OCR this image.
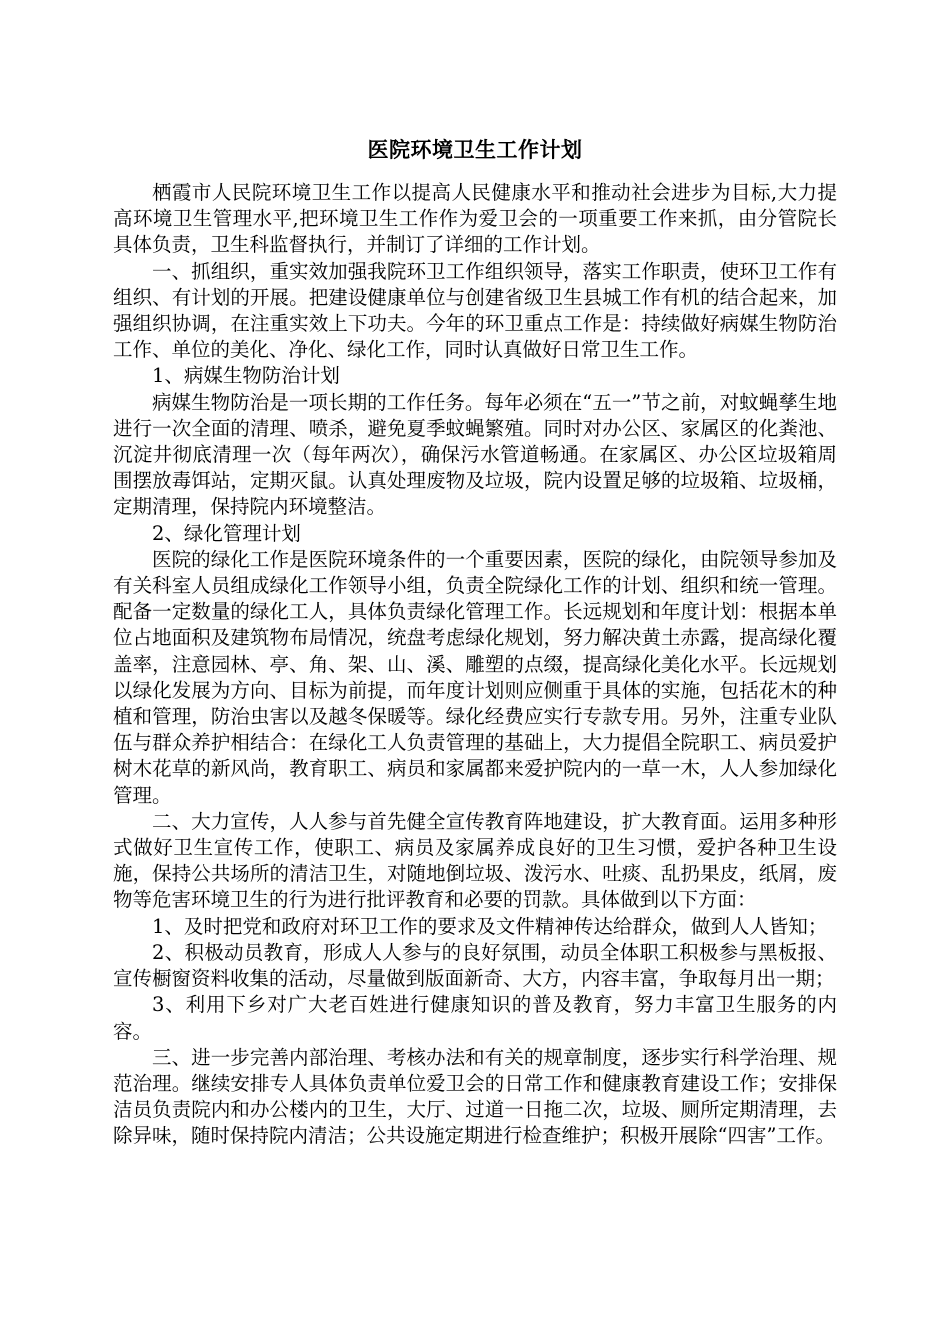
医院环境卫生工作计划

栖霞市人民院环境卫生工作以提高人民健康水平和推动社会进步为目标,大力提高环境卫生管理水平,把环境卫生工作作为爱卫会的一项重要工作来抓，由分管院长具体负责，卫生科监督执行，并制订了详细的工作计划。

一、抓组织，重实效加强我院环卫工作组织领导，落实工作职责，使环卫工作有组织、有计划的开展。把建设健康单位与创建省级卫生县城工作有机的结合起来，加强组织协调，在注重实效上下功夫。今年的环卫重点工作是：持续做好病媒生物防治工作、单位的美化、净化、绿化工作，同时认真做好日常卫生工作。

1、病媒生物防治计划

病媒生物防治是一项长期的工作任务。每年必须在“五一”节之前，对蚊蝇孳生地进行一次全面的清理、喷杀，避免夏季蚊蝇繁殖。同时对办公区、家属区的化粪池、沉淀井彻底清理一次（每年两次），确保污水管道畅通。在家属区、办公区垃圾箱周围摆放毒饵站，定期灭鼠。认真处理废物及垃圾，院内设置足够的垃圾箱、垃圾桶，定期清理，保持院内环境整洁。

2、绿化管理计划

医院的绿化工作是医院环境条件的一个重要因素，医院的绿化，由院领导参加及有关科室人员组成绿化工作领导小组，负责全院绿化工作的计划、组织和统一管理。配备一定数量的绿化工人，具体负责绿化管理工作。长远规划和年度计划：根据本单位占地面积及建筑物布局情况，统盘考虑绿化规划，努力解决黄土赤露，提高绿化覆盖率，注意园林、亭、角、架、山、溪、雕塑的点缀，提高绿化美化水平。长远规划以绿化发展为方向、目标为前提，而年度计划则应侧重于具体的实施，包括花木的种植和管理，防治虫害以及越冬保暖等。绿化经费应实行专款专用。另外，注重专业队伍与群众养护相结合：在绿化工人负责管理的基础上，大力提倡全院职工、病员爱护树木花草的新风尚，教育职工、病员和家属都来爱护院内的一草一木，人人参加绿化管理。

二、大力宣传，人人参与首先健全宣传教育阵地建设，扩大教育面。运用多种形式做好卫生宣传工作，使职工、病员及家属养成良好的卫生习惯，爱护各种卫生设施，保持公共场所的清洁卫生，对随地倒垃圾、泼污水、吐痰、乱扔果皮，纸屑，废物等危害环境卫生的行为进行批评教育和必要的罚款。具体做到以下方面：

1、及时把党和政府对环卫工作的要求及文件精神传达给群众，做到人人皆知；

2、积极动员教育，形成人人参与的良好氛围，动员全体职工积极参与黑板报、宣传橱窗资料收集的活动，尽量做到版面新奇、大方，内容丰富，争取每月出一期；

3、利用下乡对广大老百姓进行健康知识的普及教育，努力丰富卫生服务的内容。

三、进一步完善内部治理、考核办法和有关的规章制度，逐步实行科学治理、规范治理。继续安排专人具体负责单位爱卫会的日常工作和健康教育建设工作；安排保洁员负责院内和办公楼内的卫生，大厅、过道一日拖二次，垃圾、厕所定期清理，去除异味，随时保持院内清洁；公共设施定期进行检查维护；积极开展除“四害”工作。
